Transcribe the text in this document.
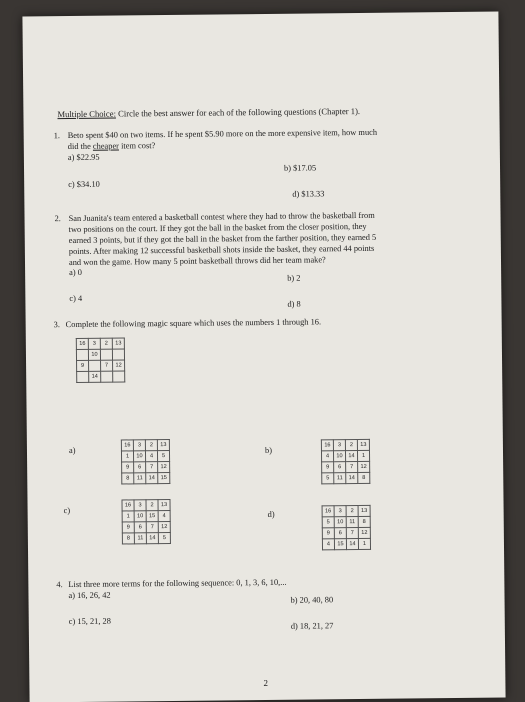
Multiple Choice: Circle the best answer for each of the following questions (Chapter 1).
1. Beto spent $40 on two items. If he spent $5.90 more on the more expensive item, how much
did the cheaper item cost?
a) $22.95
b) $17.05
c) $34.10
d) $13.33
2. San Juanita's team entered a basketball contest where they had to throw the basketball from
two positions on the court. If they got the ball in the basket from the closer position, they
earned 3 points, but if they got the ball in the basket from the farther position, they earned 5
points. After making 12 successful basketball shots inside the basket, they earned 44 points
and won the game. How many 5 point basketball throws did her team make?
a) 0
b) 2
c) 4
d) 8
3. Complete the following magic square which uses the numbers 1 through 16.
16	3	2	13
	10		
9		7	12
	14		
a)
16	3	2	13
1	10	4	5
9	6	7	12
8	11	14	15
b)
16	3	2	13
4	10	14	1
9	6	7	12
5	11	14	8
c)
16	3	2	13
1	10	15	4
9	6	7	12
8	11	14	5
d)	16	3	2	13
5	10	11	8
9	6	7	12
4	15	14	1
4. List three more terms for the following sequence: 0, 1, 3, 6, 10,...
a) 16, 26, 42	b) 20, 40, 80
c) 15, 21, 28	d) 18, 21, 27
2
